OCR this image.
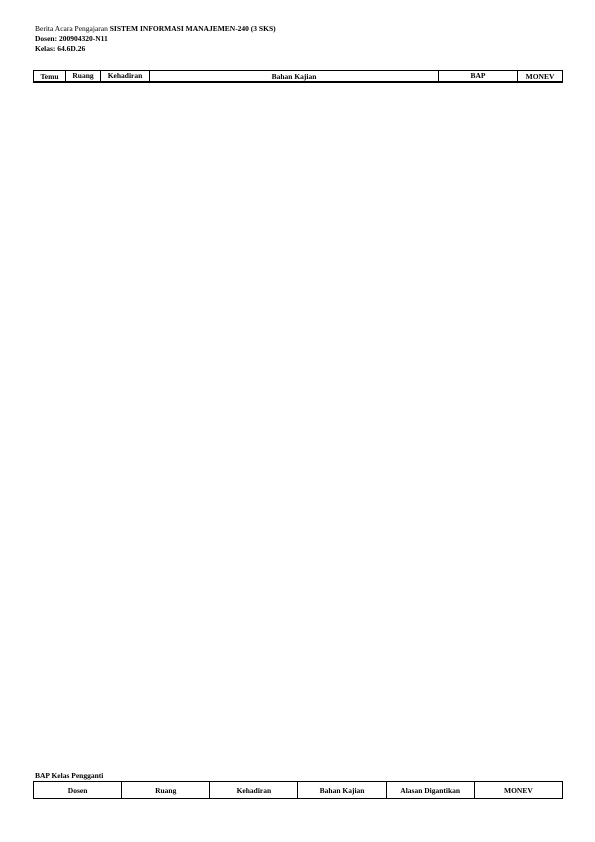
Berita Acara Pengajaran SISTEM INFORMASI MANAJEMEN-240 (3 SKS)
Dosen: 200904320-N11
Kelas: 64.6D.26
Temu	Ruang	Kehadiran	Bahan Kajian	BAP	MONEV

BAP Kelas Pengganti
Dosen	Ruang	Kehadiran	Bahan Kajian	Alasan Digantikan	MONEV
